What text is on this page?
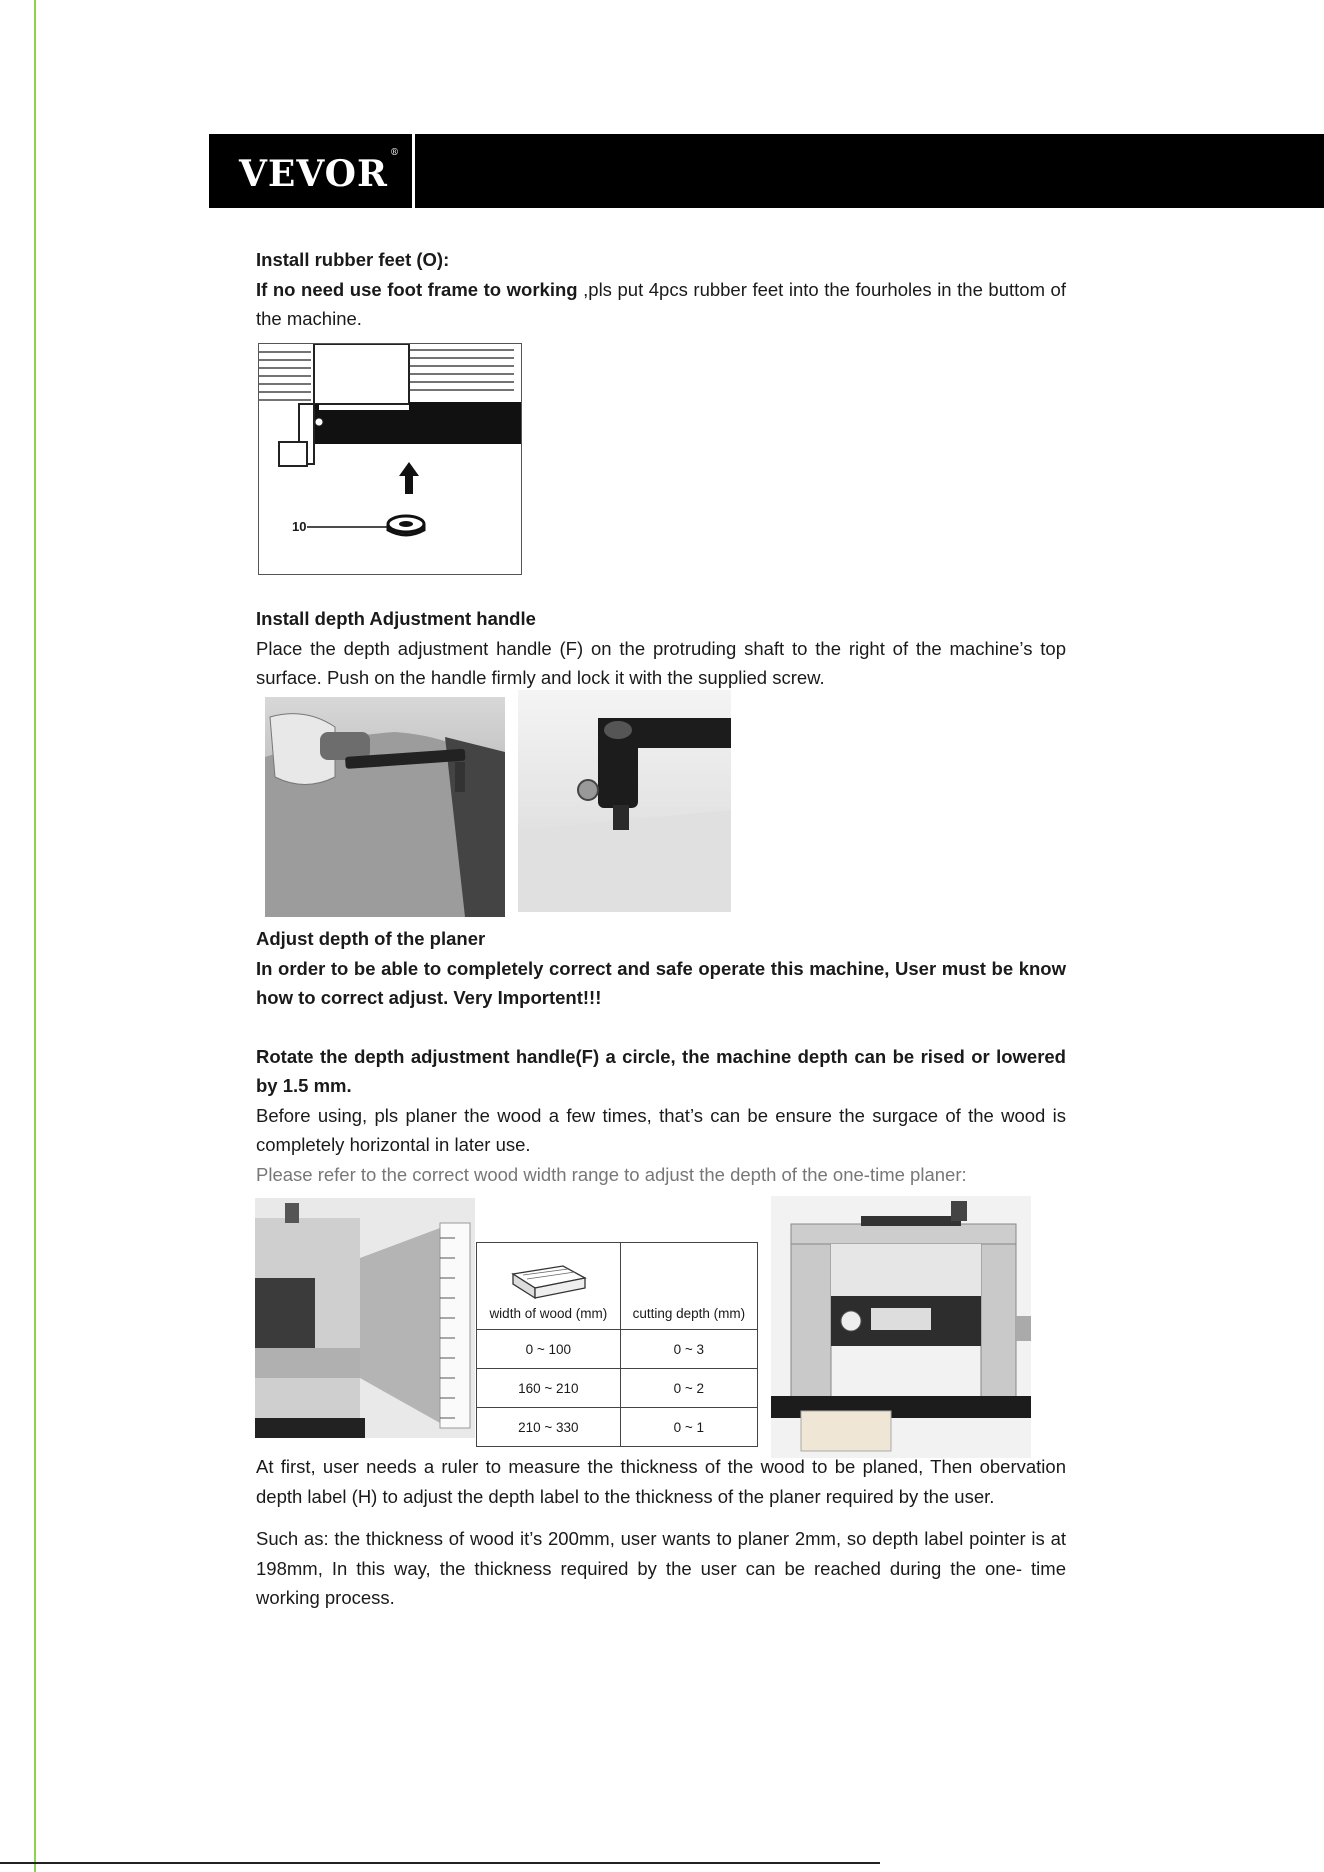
VEVOR ®

Install rubber feet (O):

If no need use foot frame to working ,pls put 4pcs rubber feet into the fourholes in the buttom of the machine.

10

Install depth Adjustment handle

Place the depth adjustment handle (F) on the protruding shaft to the right of the machine’s top surface. Push on the handle firmly and lock it with the supplied screw.

Adjust depth of the planer

In order to be able to completely correct and safe operate this machine, User must be know how to correct adjust. Very Importent!!!

Rotate the depth adjustment handle(F) a circle, the machine depth can be rised or lowered by 1.5 mm.

Before using, pls planer the wood a few times, that’s can be ensure the surgace of the wood is completely horizontal in later use.

Please refer to the correct wood width range to adjust the depth of the one-time planer:

width of wood (mm)	cutting depth (mm)
0 ~ 100	0 ~ 3
160 ~ 210	0 ~ 2
210 ~ 330	0 ~ 1

At first, user needs a ruler to measure the thickness of the wood to be planed, Then obervation depth label (H) to adjust the depth label to the thickness of the planer required by the user.

Such as: the thickness of wood it’s 200mm, user wants to planer 2mm, so depth label pointer is at 198mm, In this way, the thickness required by the user can be reached during the one- time working process.
